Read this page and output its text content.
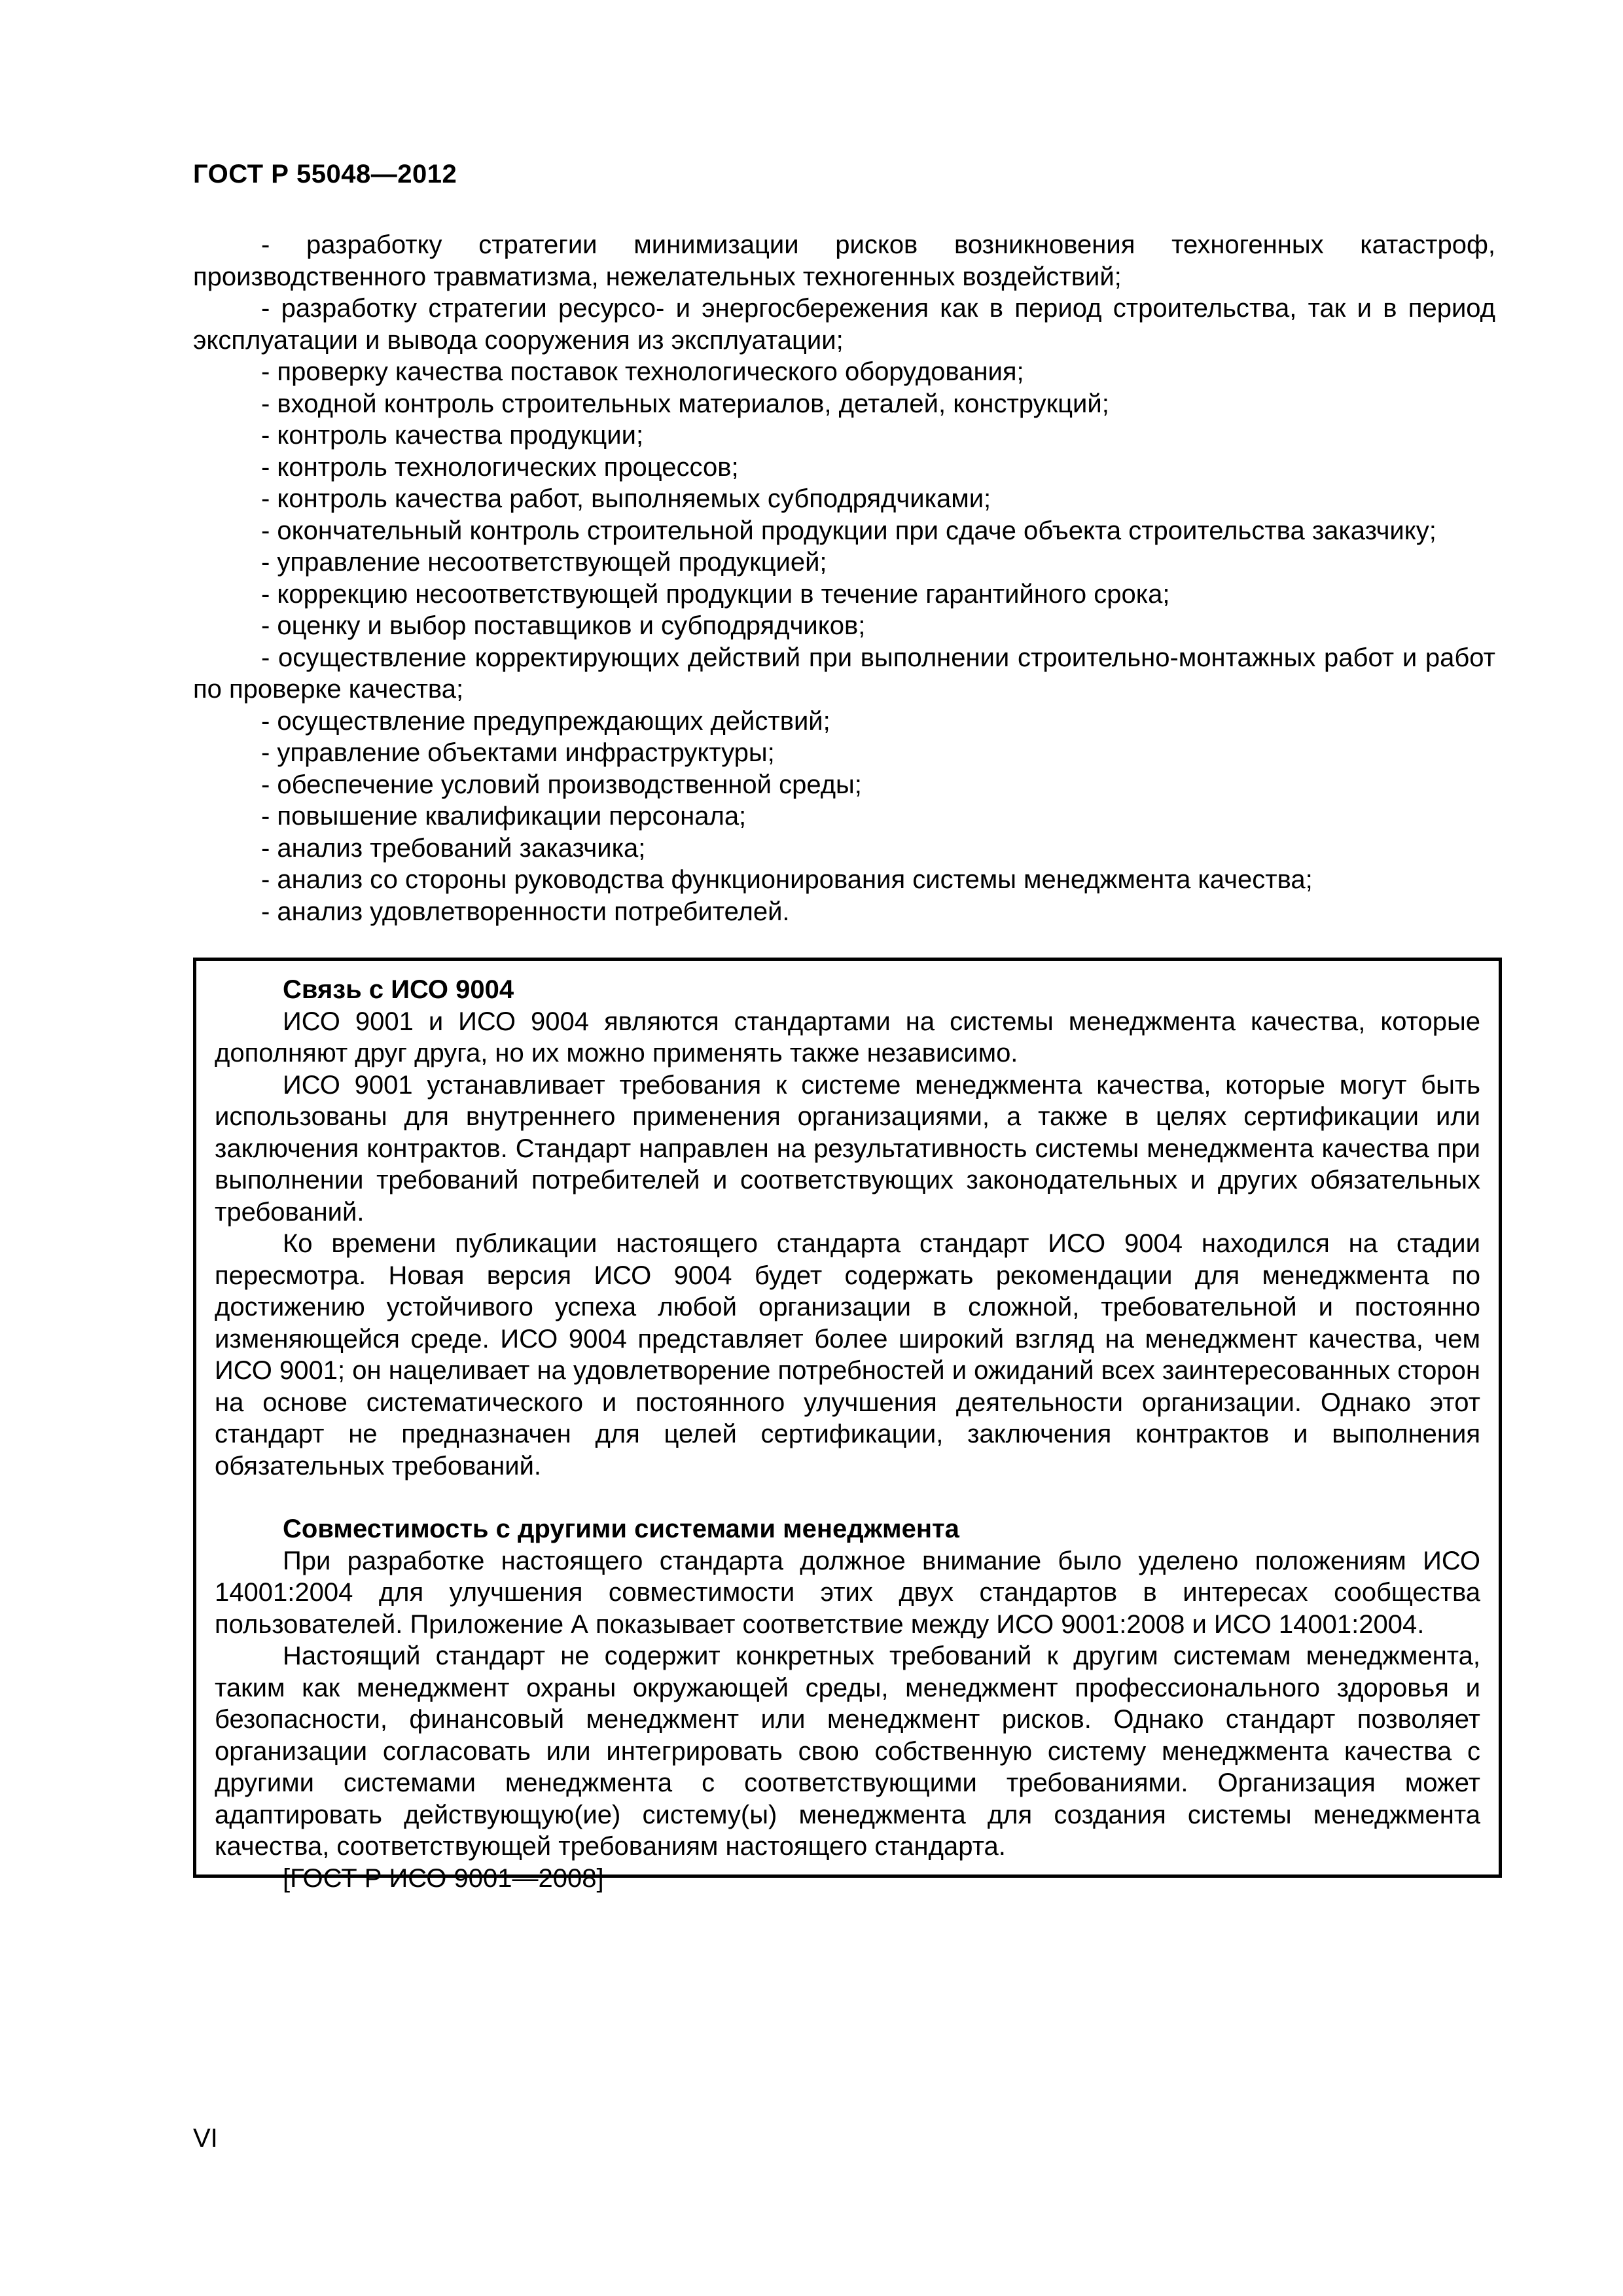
ГОСТ Р 55048—2012

- разработку стратегии минимизации рисков возникновения техногенных катастроф, производственного травматизма, нежелательных техногенных воздействий;

- разработку стратегии ресурсо- и энергосбережения как в период строительства, так и в период эксплуатации и вывода сооружения из эксплуатации;

- проверку качества поставок технологического оборудования;

- входной контроль строительных материалов, деталей, конструкций;

- контроль качества продукции;

- контроль технологических процессов;

- контроль качества работ, выполняемых субподрядчиками;

- окончательный контроль строительной продукции при сдаче объекта строительства заказчику;

- управление несоответствующей продукцией;

- коррекцию несоответствующей продукции в течение гарантийного срока;

- оценку и выбор поставщиков и субподрядчиков;

- осуществление корректирующих действий при выполнении строительно-монтажных работ и работ по проверке качества;

- осуществление предупреждающих действий;

- управление объектами инфраструктуры;

- обеспечение условий производственной среды;

- повышение квалификации персонала;

- анализ требований заказчика;

- анализ со стороны руководства функционирования системы менеджмента качества;

- анализ удовлетворенности потребителей.

Связь с ИСО 9004

ИСО 9001 и ИСО 9004 являются стандартами на системы менеджмента качества, которые дополняют друг друга, но их можно применять также независимо.

ИСО 9001 устанавливает требования к системе менеджмента качества, которые могут быть использованы для внутреннего применения организациями, а также в целях сертификации или заключения контрактов. Стандарт направлен на результативность системы менеджмента качества при выполнении требований потребителей и соответствующих законодательных и других обязательных требований.

Ко времени публикации настоящего стандарта стандарт ИСО 9004 находился на стадии пересмотра. Новая версия ИСО 9004 будет содержать рекомендации для менеджмента по достижению устойчивого успеха любой организации в сложной, требовательной и постоянно изменяющейся среде. ИСО 9004 представляет более широкий взгляд на менеджмент качества, чем ИСО 9001; он нацеливает на удовлетворение потребностей и ожиданий всех заинтересованных сторон на основе систематического и постоянного улучшения деятельности организации. Однако этот стандарт не предназначен для целей сертификации, заключения контрактов и выполнения обязательных требований.

Совместимость с другими системами менеджмента

При разработке настоящего стандарта должное внимание было уделено положениям ИСО 14001:2004 для улучшения совместимости этих двух стандартов в интересах сообщества пользователей. Приложение А показывает соответствие между ИСО 9001:2008 и ИСО 14001:2004.

Настоящий стандарт не содержит конкретных требований к другим системам менеджмента, таким как менеджмент охраны окружающей среды, менеджмент профессионального здоровья и безопасности, финансовый менеджмент или менеджмент рисков. Однако стандарт позволяет организации согласовать или интегрировать свою собственную систему менеджмента качества с другими системами менеджмента с соответствующими требованиями. Организация может адаптировать действующую(ие) систему(ы) менеджмента для создания системы менеджмента качества, соответствующей требованиям настоящего стандарта.

[ГОСТ Р ИСО 9001—2008]

VI
